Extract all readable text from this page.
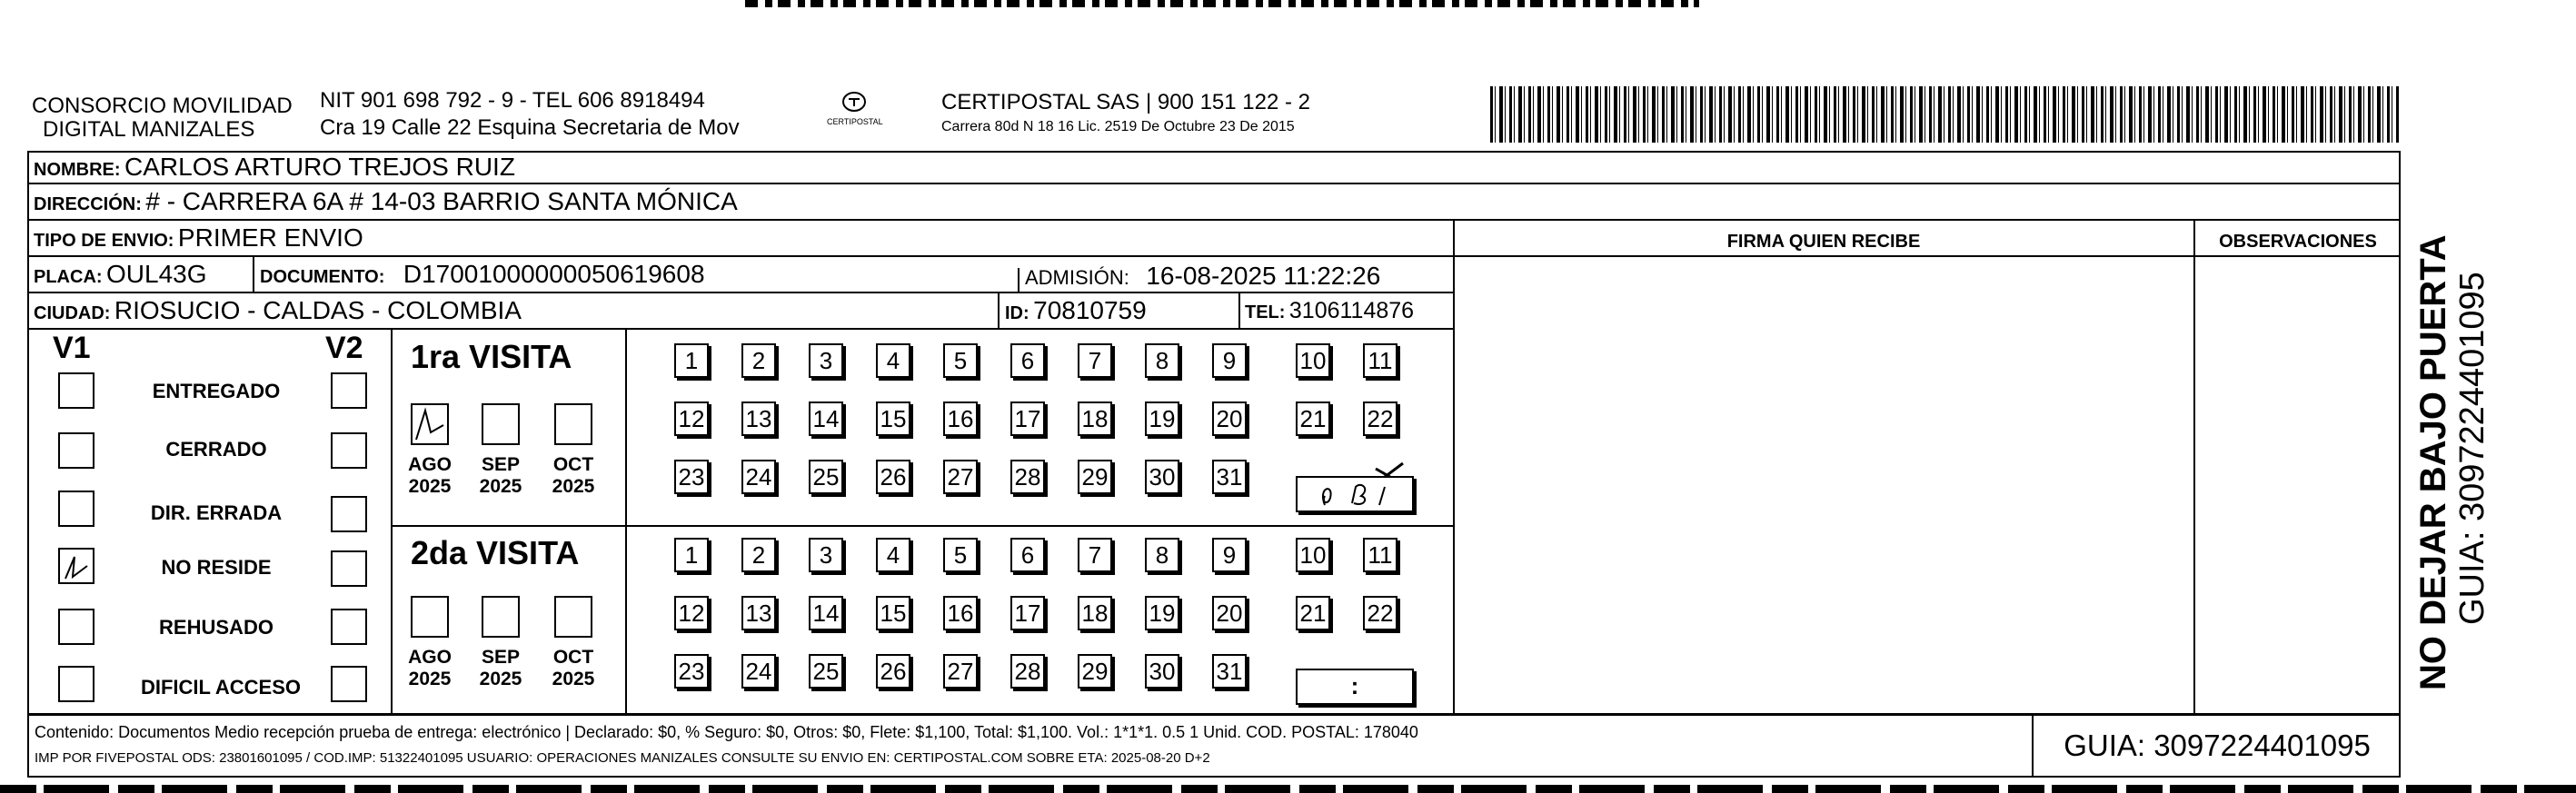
CONSORCIO MOVILIDAD
DIGITAL MANIZALES
NIT 901 698 792 - 9 - TEL 606 8918494
Cra 19 Calle 22 Esquina Secretaria de Mov	CERTIPOSTAL
CERTIPOSTAL SAS | 900 151 122 - 2
Carrera 80d N 18 16 Lic. 2519 De Octubre 23 De 2015
NOMBRE: CARLOS ARTURO TREJOS RUIZ
DIRECCIÓN: # - CARRERA 6A # 14-03 BARRIO SANTA MÓNICA
TIPO DE ENVIO: PRIMER ENVIO	FIRMA QUIEN RECIBE	OBSERVACIONES
PLACA: OUL43G	DOCUMENTO: D17001000000050619608	ADMISIÓN: 16-08-2025 11:22:26
CIUDAD: RIOSUCIO - CALDAS - COLOMBIA	ID: 70810759	TEL: 3106114876
V1	V2
ENTREGADO
CERRADO
DIR. ERRADA
NO RESIDE
REHUSADO
DIFICIL ACCESO
1ra VISITA
AGO
2025
SEP
2025
OCT
2025
2da VISITA
AGO
2025
SEP
2025
OCT
2025
1	2	3	4	5	6	7	8	9	10 11
12 13 14 15 16 17 18 19 20 21 22
23 24 25 26 27 28 29 30 31
1	2	3	4	5	6	7	8	9	10 11
12 13 14 15 16 17 18 19 20 21 22
23 24 25 26 27 28 29 30 31
:
Contenido: Documentos Medio recepción prueba de entrega: electrónico | Declarado: $0, % Seguro: $0, Otros: $0, Flete: $1,100, Total: $1,100. Vol.: 1*1*1. 0.5 1 Unid. COD. POSTAL: 178040
IMP POR FIVEPOSTAL ODS: 23801601095 / COD.IMP: 51322401095 USUARIO: OPERACIONES MANIZALES CONSULTE SU ENVIO EN: CERTIPOSTAL.COM SOBRE ETA: 2025-08-20 D+2	GUIA: 3097224401095
NO DEJAR BAJO PUERTA GUIA: 3097224401095
